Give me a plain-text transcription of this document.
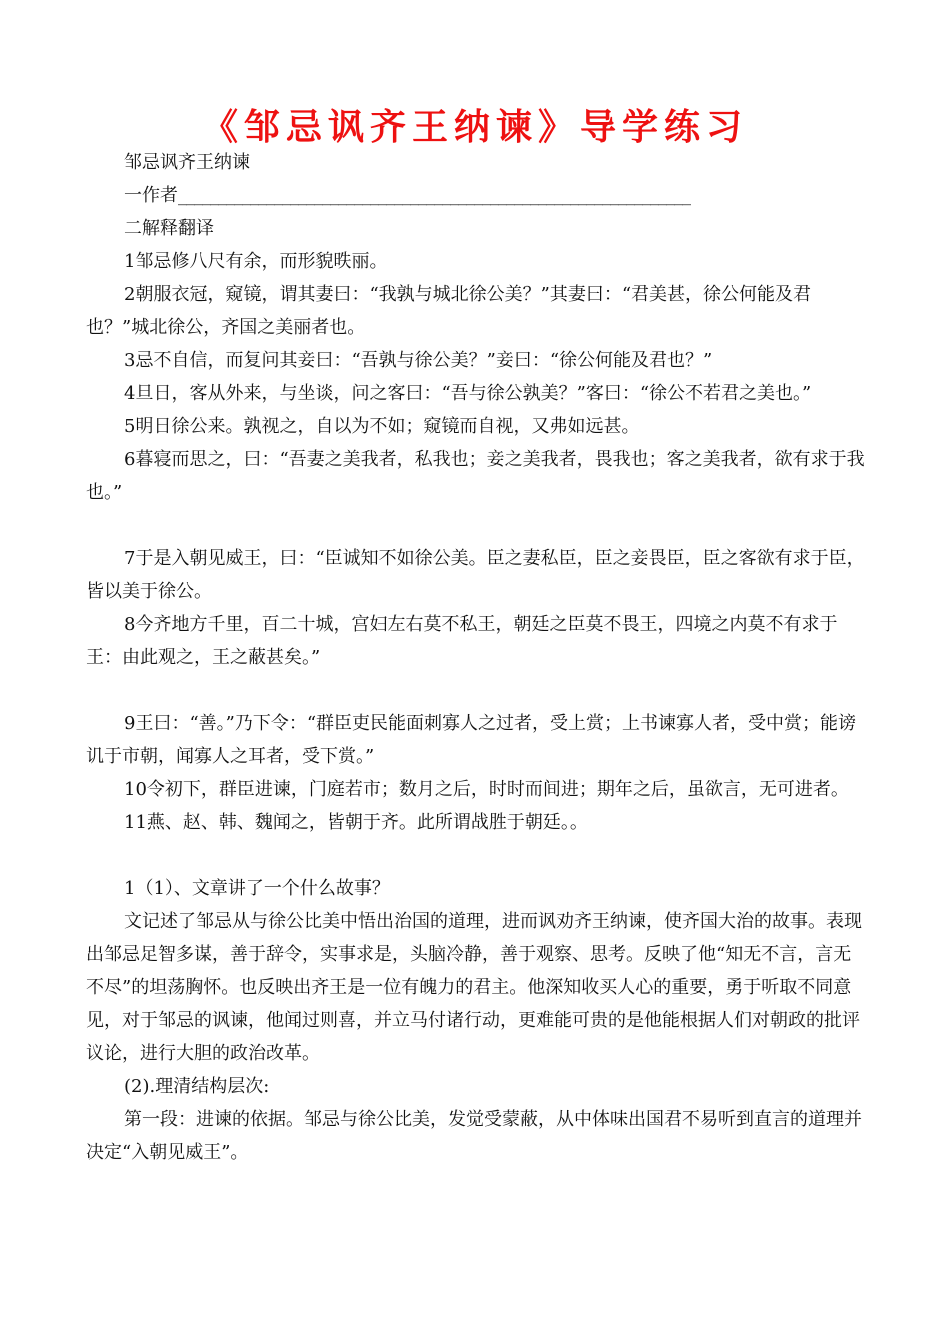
《邹忌讽齐王纳谏》导学练习

邹忌讽齐王纳谏

一作者________________________________________________________________

二解释翻译

1邹忌修八尺有余，而形貌昳丽。

2朝服衣冠，窥镜，谓其妻曰：“我孰与城北徐公美？”其妻曰：“君美甚，徐公何能及君也？”城北徐公，齐国之美丽者也。

3忌不自信，而复问其妾曰：“吾孰与徐公美？”妾曰：“徐公何能及君也？”

4旦日，客从外来，与坐谈，问之客曰：“吾与徐公孰美？”客曰：“徐公不若君之美也。”

5明日徐公来。孰视之，自以为不如；窥镜而自视，又弗如远甚。

6暮寝而思之，曰：“吾妻之美我者，私我也；妾之美我者，畏我也；客之美我者，欲有求于我也。”

7于是入朝见威王，曰：“臣诚知不如徐公美。臣之妻私臣，臣之妾畏臣，臣之客欲有求于臣，皆以美于徐公。

8今齐地方千里，百二十城，宫妇左右莫不私王，朝廷之臣莫不畏王，四境之内莫不有求于王：由此观之，王之蔽甚矣。”

9王曰：“善。”乃下令：“群臣吏民能面刺寡人之过者，受上赏；上书谏寡人者，受中赏；能谤讥于市朝，闻寡人之耳者，受下赏。”

10令初下，群臣进谏，门庭若市；数月之后，时时而间进；期年之后，虽欲言，无可进者。

11燕、赵、韩、魏闻之，皆朝于齐。此所谓战胜于朝廷。。

1（1）、文章讲了一个什么故事？

文记述了邹忌从与徐公比美中悟出治国的道理，进而讽劝齐王纳谏，使齐国大治的故事。表现出邹忌足智多谋，善于辞令，实事求是，头脑冷静，善于观察、思考。反映了他“知无不言，言无不尽”的坦荡胸怀。也反映出齐王是一位有魄力的君主。他深知收买人心的重要，勇于听取不同意见，对于邹忌的讽谏，他闻过则喜，并立马付诸行动，更难能可贵的是他能根据人们对朝政的批评议论，进行大胆的政治改革。

(2).理清结构层次:

第一段：进谏的依据。邹忌与徐公比美，发觉受蒙蔽，从中体味出国君不易听到直言的道理并决定“入朝见威王”。
